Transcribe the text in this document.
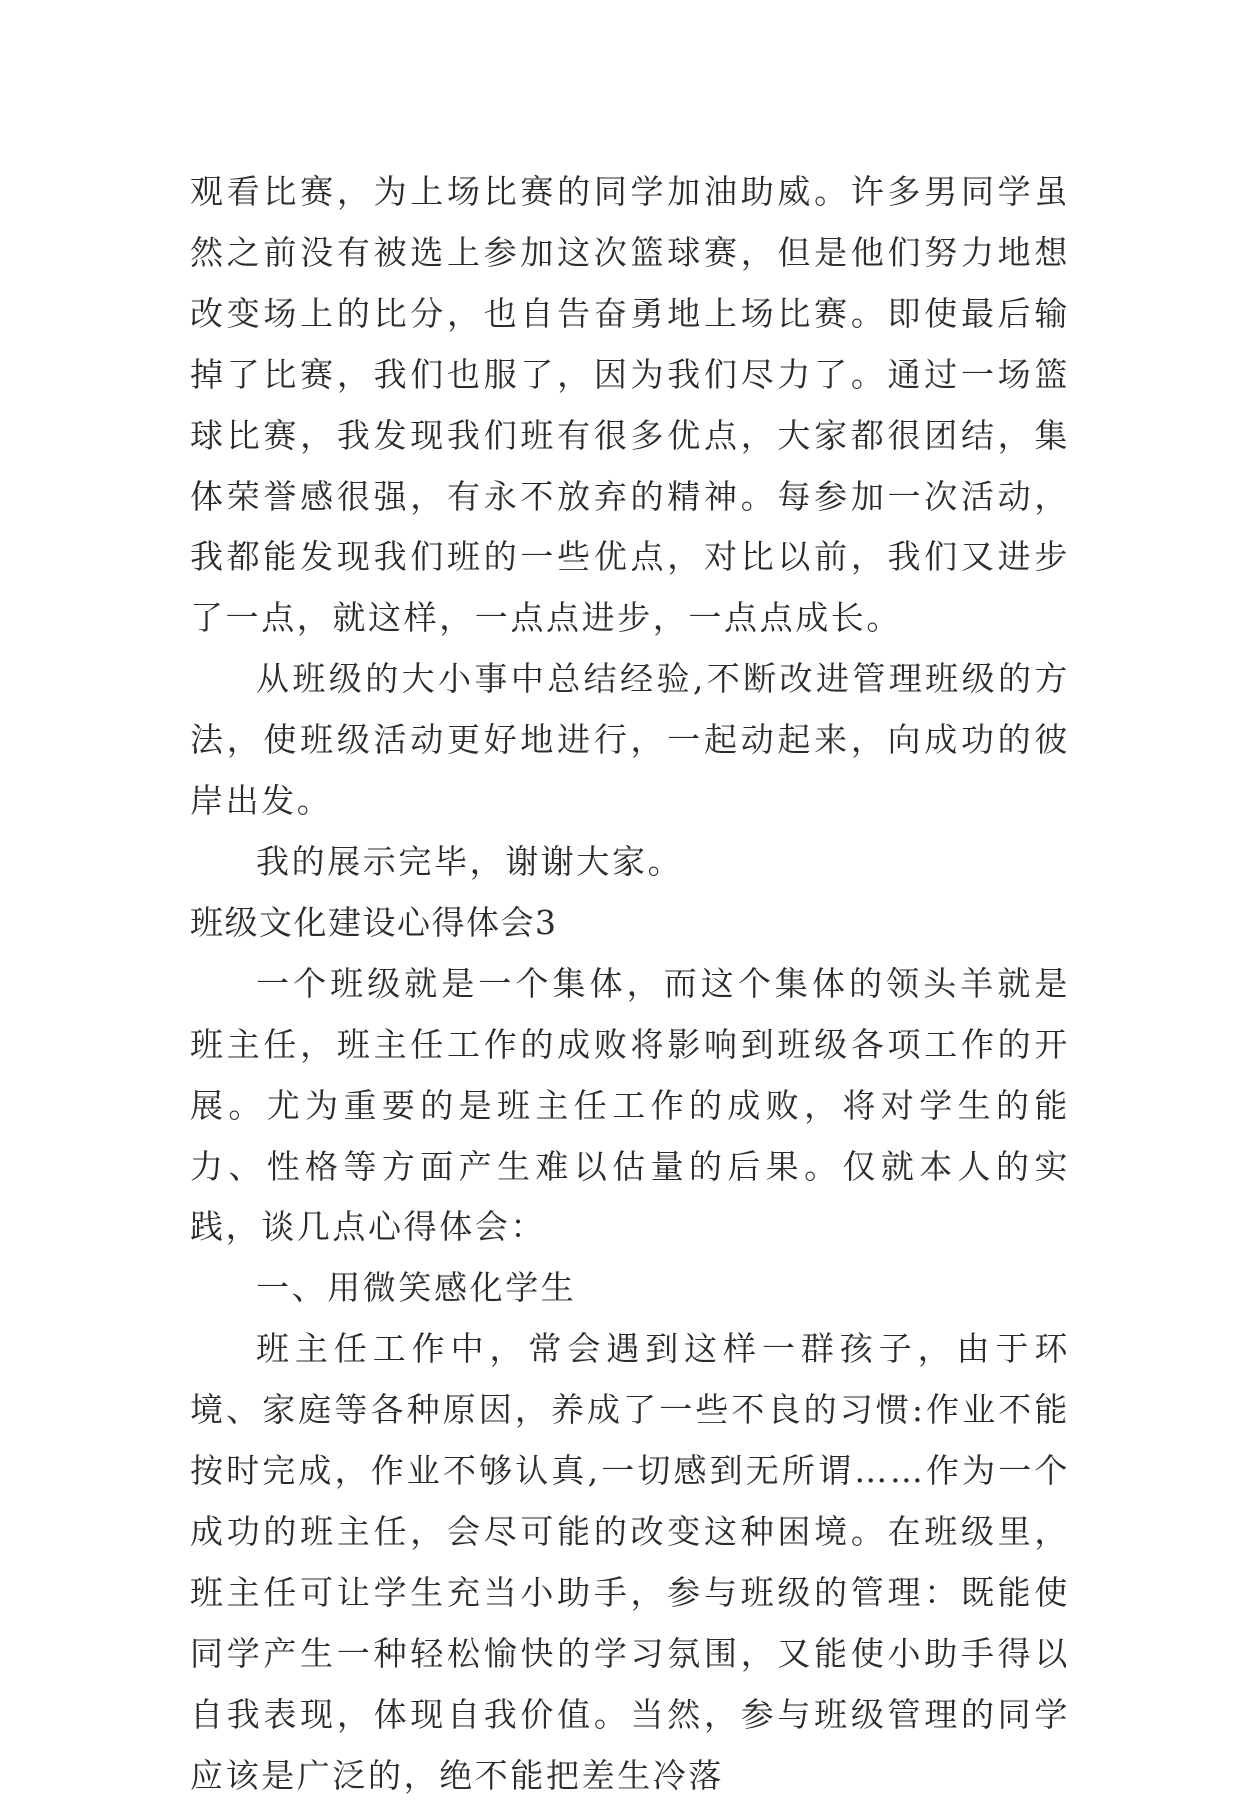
观看比赛，为上场比赛的同学加油助威。许多男同学虽然之前没有被选上参加这次篮球赛，但是他们努力地想改变场上的比分，也自告奋勇地上场比赛。即使最后输掉了比赛，我们也服了，因为我们尽力了。通过一场篮球比赛，我发现我们班有很多优点，大家都很团结，集体荣誉感很强，有永不放弃的精神。每参加一次活动，我都能发现我们班的一些优点，对比以前，我们又进步了一点，就这样，一点点进步，一点点成长。

从班级的大小事中总结经验,不断改进管理班级的方法，使班级活动更好地进行，一起动起来，向成功的彼岸出发。

我的展示完毕，谢谢大家。

班级文化建设心得体会3

一个班级就是一个集体，而这个集体的领头羊就是班主任，班主任工作的成败将影响到班级各项工作的开展。尤为重要的是班主任工作的成败，将对学生的能力、性格等方面产生难以估量的后果。仅就本人的实践，谈几点心得体会：

一、用微笑感化学生

班主任工作中，常会遇到这样一群孩子，由于环境、家庭等各种原因，养成了一些不良的习惯:作业不能按时完成，作业不够认真,一切感到无所谓……作为一个成功的班主任，会尽可能的改变这种困境。在班级里，班主任可让学生充当小助手，参与班级的管理：既能使同学产生一种轻松愉快的学习氛围，又能使小助手得以自我表现，体现自我价值。当然，参与班级管理的同学应该是广泛的，绝不能把差生冷落
